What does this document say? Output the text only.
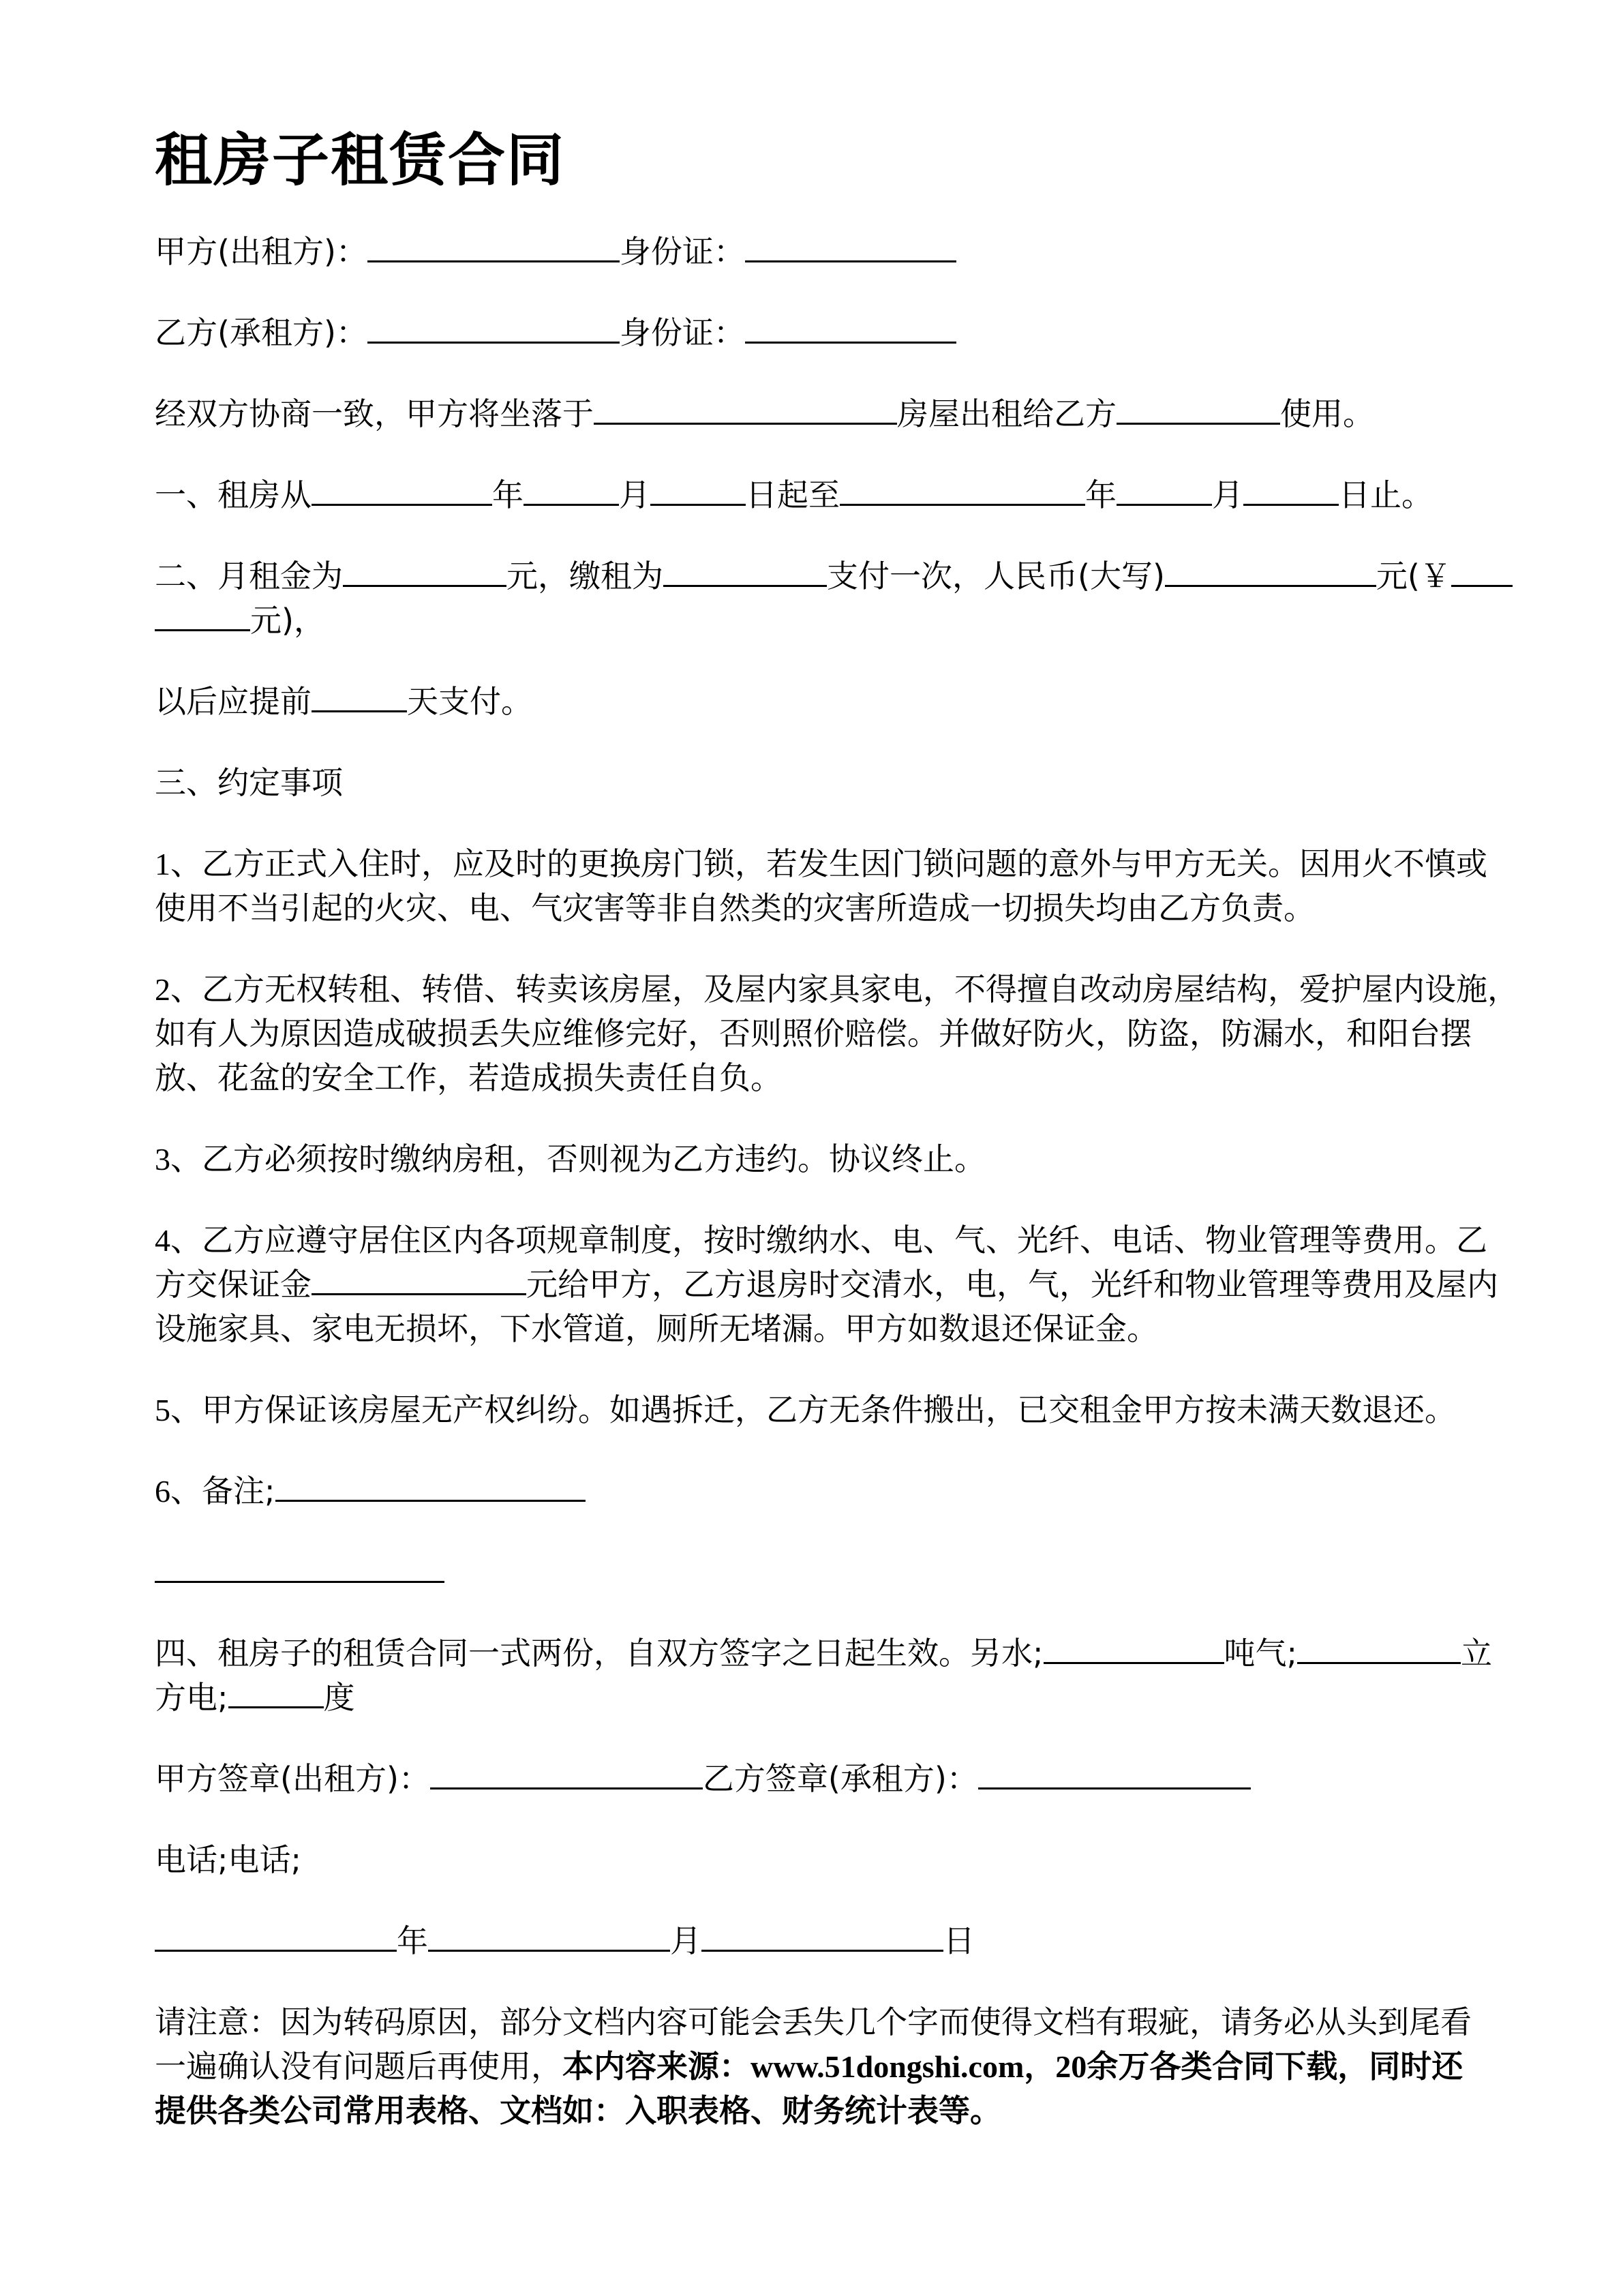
租房子租赁合同
甲方(出租方)：	身份证：
乙方(承租方)：	身份证：
经双方协商一致，甲方将坐落于	房屋出租给乙方	使用。
一、租房从	年	月	日起至	年	月	日止。
二、月租金为	元，缴租为	支付一次，人民币(大写)	元(￥
元)，
以后应提前	天支付。
三、约定事项
1、乙方正式入住时，应及时的更换房门锁，若发生因门锁问题的意外与甲方无关。因用火不慎或
使用不当引起的火灾、电、气灾害等非自然类的灾害所造成一切损失均由乙方负责。
2、乙方无权转租、转借、转卖该房屋，及屋内家具家电，不得擅自改动房屋结构，爱护屋内设施，
如有人为原因造成破损丢失应维修完好，否则照价赔偿。并做好防火，防盗，防漏水，和阳台摆
放、花盆的安全工作，若造成损失责任自负。
3、乙方必须按时缴纳房租，否则视为乙方违约。协议终止。
4、乙方应遵守居住区内各项规章制度，按时缴纳水、电、气、光纤、电话、物业管理等费用。乙
方交保证金	元给甲方，乙方退房时交清水，电，气，光纤和物业管理等费用及屋内
设施家具、家电无损坏，下水管道，厕所无堵漏。甲方如数退还保证金。
5、甲方保证该房屋无产权纠纷。如遇拆迁，乙方无条件搬出，已交租金甲方按未满天数退还。
6、备注;
四、租房子的租赁合同一式两份，自双方签字之日起生效。另水;	吨气;	立
方电;	度
甲方签章(出租方)：	乙方签章(承租方)：
电话;电话;
年	月	日
请注意：因为转码原因，部分文档内容可能会丢失几个字而使得文档有瑕疵，请务必从头到尾看
一遍确认没有问题后再使用，本内容来源：www.51dongshi.com，20余万各类合同下载，同时还
提供各类公司常用表格、文档如：入职表格、财务统计表等。
